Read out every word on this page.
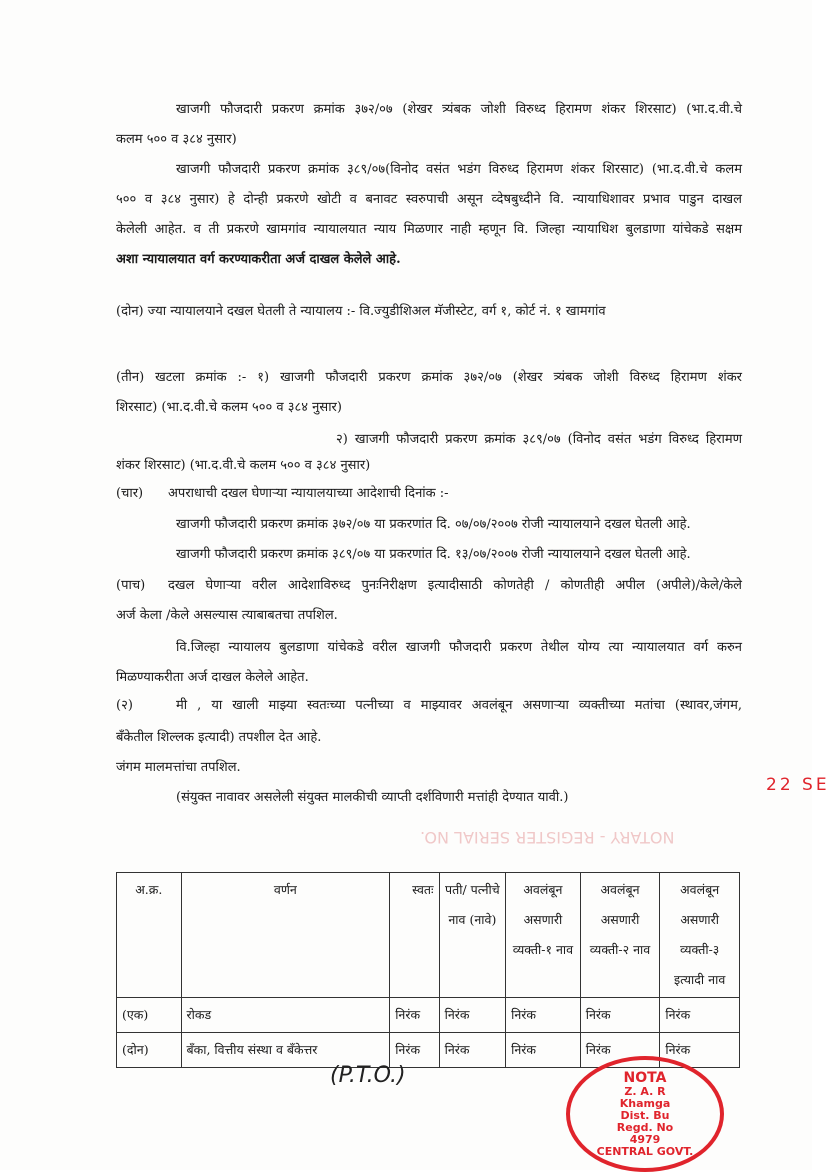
खाजगी फौजदारी प्रकरण क्रमांक ३७२/०७ (शेखर त्र्यंबक जोशी विरुध्द हिरामण शंकर शिरसाट) (भा.द.वी.चे
कलम ५०० व ३८४ नुसार)
खाजगी फौजदारी प्रकरण क्रमांक ३८९/०७(विनोद वसंत भडंग विरुध्द हिरामण शंकर शिरसाट) (भा.द.वी.चे कलम
५०० व ३८४ नुसार) हे दोन्ही प्रकरणे खोटी व बनावट स्वरुपाची असून व्देषबुध्दीने वि. न्यायाधिशावर प्रभाव पाडुन दाखल
केलेली आहेत. व ती प्रकरणे खामगांव न्यायालयात न्याय मिळणार नाही म्हणून वि. जिल्हा न्यायाधिश बुलडाणा यांचेकडे सक्षम
अशा न्यायालयात वर्ग करण्याकरीता अर्ज दाखल केलेले आहे.
(दोन) ज्या न्यायालयाने दखल घेतली ते न्यायालय :- वि.ज्युडीशिअल मॅजीस्टेट, वर्ग १, कोर्ट नं. १ खामगांव
(तीन) खटला क्रमांक :- १) खाजगी फौजदारी प्रकरण क्रमांक ३७२/०७ (शेखर त्र्यंबक जोशी विरुध्द हिरामण शंकर
शिरसाट) (भा.द.वी.चे कलम ५०० व ३८४ नुसार)
२) खाजगी फौजदारी प्रकरण क्रमांक ३८९/०७ (विनोद वसंत भडंग विरुध्द हिरामण
शंकर शिरसाट) (भा.द.वी.चे कलम ५०० व ३८४ नुसार)
(चार) अपराधाची दखल घेणाऱ्या न्यायालयाच्या आदेशाची दिनांक :-
खाजगी फौजदारी प्रकरण क्रमांक ३७२/०७ या प्रकरणांत दि. ०७/०७/२००७ रोजी न्यायालयाने दखल घेतली आहे.
खाजगी फौजदारी प्रकरण क्रमांक ३८९/०७ या प्रकरणांत दि. १३/०७/२००७ रोजी न्यायालयाने दखल घेतली आहे.
(पाच) दखल घेणाऱ्या वरील आदेशाविरुध्द पुनःनिरीक्षण इत्यादीसाठी कोणतेही / कोणतीही अपील (अपीले)/केले/केले
अर्ज केला /केले असल्यास त्याबाबतचा तपशिल.
वि.जिल्हा न्यायालय बुलडाणा यांचेकडे वरील खाजगी फौजदारी प्रकरण तेथील योग्य त्या न्यायालयात वर्ग करुन
मिळण्याकरीता अर्ज दाखल केलेले आहेत.
(२)	मी , या खाली माझ्या स्वतःच्या पत्नीच्या व माझ्यावर अवलंबून असणाऱ्या व्यक्तीच्या मतांचा (स्थावर,जंगम,
बॅंकेतील शिल्लक इत्यादी) तपशील देत आहे.
जंगम मालमत्तांचा तपशिल.
(संयुक्त नावावर असलेली संयुक्त मालकीची व्याप्ती दर्शविणारी मत्तांही देण्यात यावी.)
NOTARY - REGISTER SERIAL NO.
अ.क्र.	वर्णन	स्वतः	पती/ पत्नीचे नाव (नावे)	अवलंबून असणारी व्यक्ती-१ नाव	अवलंबून असणारी व्यक्ती-२ नाव	अवलंबून असणारी व्यक्ती-३ इत्यादी नाव
(एक)	रोकड	निरंक	निरंक	निरंक	निरंक	निरंक
(दोन)	बँका, वित्तीय संस्था व बँकेत्तर	निरंक	निरंक	निरंक	निरंक	निरंक
NOTA
Z. A. R
Khamga
Dist. Bu
Regd. No
4979
CENTRAL GOVT.
22 SE
(P.T.O.)
